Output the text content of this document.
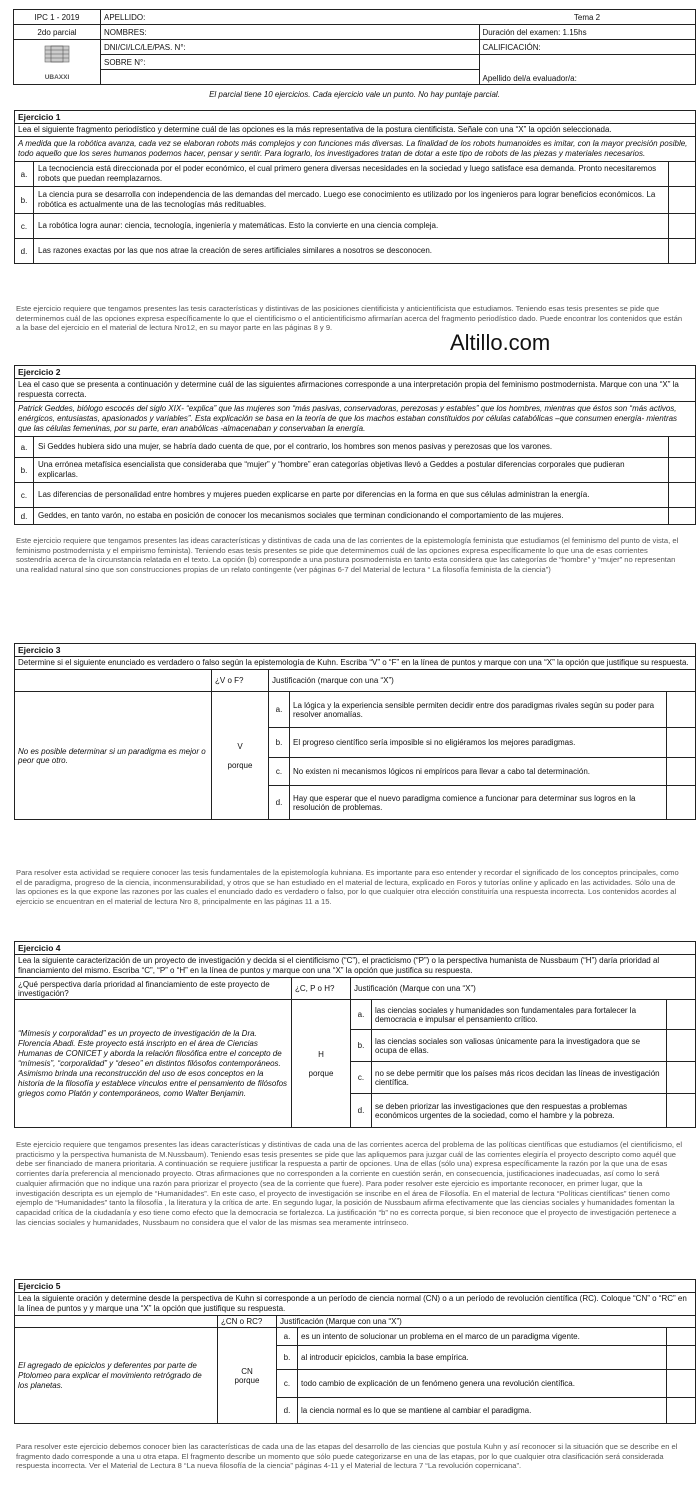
IPC 1 - 2019	APELLIDO:	Tema 2
2do parcial	NOMBRES:	Duración del examen: 1.15hs

UBAXXI	DNI/CI/LC/LE/PAS. N°:	CALIFICACIÓN:
	SOBRE N°:	Apellido del/a evaluador/a:

El parcial tiene 10 ejercicios. Cada ejercicio vale un punto. No hay puntaje parcial.
Ejercicio 1
Lea el siguiente fragmento periodístico y determine cuál de las opciones es la más representativa de la postura cientificista. Señale con una “X” la opción seleccionada.
A medida que la robótica avanza, cada vez se elaboran robots más complejos y con funciones más diversas. La finalidad de los robots humanoides es imitar, con la mayor precisión posible, todo aquello que los seres humanos podemos hacer, pensar y sentir. Para lograrlo, los investigadores tratan de dotar a este tipo de robots de las piezas y materiales necesarios.
a.
La tecnociencia está direccionada por el poder económico, el cual primero genera diversas necesidades en la sociedad y luego satisface esa demanda. Pronto necesitaremos robots que puedan reemplazarnos.
b.
La ciencia pura se desarrolla con independencia de las demandas del mercado. Luego ese conocimiento es utilizado por los ingenieros para lograr beneficios económicos. La robótica es actualmente una de las tecnologías más redituables.
c.	La robótica logra aunar: ciencia, tecnología, ingeniería y matemáticas. Esto la convierte en una ciencia compleja.
d.	Las razones exactas por las que nos atrae la creación de seres artificiales similares a nosotros se desconocen.
Este ejercicio requiere que tengamos presentes las tesis características y distintivas de las posiciones cientificista y anticientificista que estudiamos. Teniendo esas tesis presentes se pide que determinemos cuál de las opciones expresa específicamente lo que el cientificismo o el anticientificismo afirmarían acerca del fragmento periodístico dado. Puede encontrar los contenidos que están a la base del ejercicio en el material de lectura Nro12, en su mayor parte en las páginas 8 y 9.
Altillo.com
Ejercicio 2
Lea el caso que se presenta a continuación y determine cuál de las siguientes afirmaciones corresponde a una interpretación propia del feminismo postmodernista. Marque con una “X” la respuesta correcta.
Patrick Geddes, biólogo escocés del siglo XIX- “explica” que las mujeres son “más pasivas, conservadoras, perezosas y estables” que los hombres, mientras que éstos son “más activos, enérgicos, entusiastas, apasionados y variables”. Esta explicación se basa en la teoría de que los machos estaban constituidos por células catabólicas –que consumen energía- mientras que las células femeninas, por su parte, eran anabólicas -almacenaban y conservaban la energía.
a.	Si Geddes hubiera sido una mujer, se habría dado cuenta de que, por el contrario, los hombres son menos pasivas y perezosas que los varones.
b.
Una errónea metafísica esencialista que consideraba que “mujer” y “hombre” eran categorías objetivas llevó a Geddes a postular diferencias corporales que pudieran explicarlas.
c.	Las diferencias de personalidad entre hombres y mujeres pueden explicarse en parte por diferencias en la forma en que sus células administran la energía.
d.	Geddes, en tanto varón, no estaba en posición de conocer los mecanismos sociales que terminan condicionando el comportamiento de las mujeres.
Este ejercicio requiere que tengamos presentes las ideas características y distintivas de cada una de las corrientes de la epistemología feminista que estudiamos (el feminismo del punto de vista, el feminismo postmodernista y el empirismo feminista). Teniendo esas tesis presentes se pide que determinemos cuál de las opciones expresa específicamente lo que una de esas corrientes sostendría acerca de la circunstancia relatada en el texto. La opción (b) corresponde a una postura posmodernista en tanto esta considera que las categorías de “hombre” y “mujer” no representan una realidad natural sino que son construcciones propias de un relato contingente (ver páginas 6-7 del Material de lectura “ La filosofía feminista de la ciencia”)
Ejercicio 3
Determine si el siguiente enunciado es verdadero o falso según la epistemología de Kuhn. Escriba “V” o “F” en la línea de puntos y marque con una “X” la opción que justifique su respuesta.
	¿V o F?	Justificación (marque con una “X”)		
No es posible determinar si un paradigma es mejor o peor que otro.	V
porque	a.	La lógica y la experiencia sensible permiten decidir entre dos paradigmas rivales según su poder para resolver anomalías.	
		b.	El progreso científico sería imposible si no eligiéramos los mejores paradigmas.	
		c.	No existen ni mecanismos lógicos ni empíricos para llevar a cabo tal determinación.	
		d.	Hay que esperar que el nuevo paradigma comience a funcionar para determinar sus logros en la resolución de problemas.	
Para resolver esta actividad se requiere conocer las tesis fundamentales de la epistemología kuhniana. Es importante para eso entender y recordar el significado de los conceptos principales, como el de paradigma, progreso de la ciencia, inconmensurabilidad, y otros que se han estudiado en el material de lectura, explicado en Foros y tutorías online y aplicado en las actividades. Sólo una de las opciones es la que expone las razones por las cuales el enunciado dado es verdadero o falso, por lo que cualquier otra elección constituiría una respuesta incorrecta. Los contenidos acordes al ejercicio se encuentran en el material de lectura Nro 8, principalmente en las páginas 11 a 15.
Ejercicio 4
Lea la siguiente caracterización de un proyecto de investigación y decida si el cientificismo (“C”), el practicismo (“P”) o la perspectiva humanista de Nussbaum (“H”) daría prioridad al financiamiento del mismo. Escriba “C”, “P” o “H” en la línea de puntos y marque con una “X” la opción que justifica su respuesta.
¿Qué perspectiva daría prioridad al financiamiento de este proyecto de investigación?	¿C, P o H?	Justificación (Marque con una “X”)		
“Mímesis y corporalidad” es un proyecto de investigación de la Dra. Florencia Abadi. Este proyecto está inscripto en el área de Ciencias Humanas de CONICET y aborda la relación filosófica entre el concepto de “mímesis”, “corporalidad” y “deseo” en distintos filósofos contemporáneos. Asimismo brinda una reconstrucción del uso de esos conceptos en la historia de la filosofía y establece vínculos entre el pensamiento de filósofos griegos como Platón y contemporáneos, como Walter Benjamin.	H
porque	a.	las ciencias sociales y humanidades son fundamentales para fortalecer la democracia e impulsar el pensamiento crítico.	
		b.	las ciencias sociales son valiosas únicamente para la investigadora que se ocupa de ellas.	
		c.	no se debe permitir que los países más ricos decidan las líneas de investigación científica.	
		d.	se deben priorizar las investigaciones que den respuestas a problemas económicos urgentes de la sociedad, como el hambre y la pobreza.	
Este ejercicio requiere que tengamos presentes las ideas características y distintivas de cada una de las corrientes acerca del problema de las políticas científicas que estudiamos (el cientificismo, el practicismo y la perspectiva humanista de M.Nussbaum). Teniendo esas tesis presentes se pide que las apliquemos para juzgar cuál de las corrientes elegiría el proyecto descripto como aquél que debe ser financiado de manera prioritaria. A continuación se requiere justificar la respuesta a partir de opciones. Una de ellas (sólo una) expresa específicamente la razón por la que una de esas corrientes daría preferencia al mencionado proyecto. Otras afirmaciones que no corresponden a la corriente en cuestión serán, en consecuencia, justificaciones inadecuadas, así como lo será cualquier afirmación que no indique una razón para priorizar el proyecto (sea de la corriente que fuere). Para poder resolver este ejercicio es importante reconocer, en primer lugar, que la investigación descripta es un ejemplo de “Humanidades”. En este caso, el proyecto de investigación se inscribe en el área de Filosofía. En el material de lectura “Políticas científicas” tienen como ejemplo de “Humanidades” tanto la filosofía , la literatura y la crítica de arte. En segundo lugar, la posición de Nussbaum afirma efectivamente que las ciencias sociales y humanidades fomentan la capacidad crítica de la ciudadanía y eso tiene como efecto que la democracia se fortalezca. La justificación “b” no es correcta porque, si bien reconoce que el proyecto de investigación pertenece a las ciencias sociales y humanidades, Nussbaum no considera que el valor de las mismas sea meramente intrínseco.
Ejercicio 5
Lea la siguiente oración y determine desde la perspectiva de Kuhn si corresponde a un período de ciencia normal (CN) o a un período de revolución científica (RC). Coloque “CN” o “RC” en la línea de puntos y y marque una “X” la opción que justifique su respuesta.
	¿CN o RC?	Justificación (Marque con una “X”)		
El agregado de epiciclos y deferentes por parte de Ptolomeo para explicar el movimiento retrógrado de los planetas.	CN
porque	a.	es un intento de solucionar un problema en el marco de un paradigma vigente.	
		b.	al introducir epiciclos, cambia la base empírica.	
		c.	todo cambio de explicación de un fenómeno genera una revolución científica.	
		d.	la ciencia normal es lo que se mantiene al cambiar el paradigma.	
Para resolver este ejercicio debemos conocer bien las características de cada una de las etapas del desarrollo de las ciencias que postula Kuhn y así reconocer si la situación que se describe en el fragmento dado corresponde a una u otra etapa. El fragmento describe un momento que sólo puede categorizarse en una de las etapas, por lo que cualquier otra clasificación será considerada respuesta incorrecta. Ver el Material de Lectura 8 “La nueva filosofía de la ciencia” páginas 4-11 y el Material de lectura 7 “La revolución copernicana”.
